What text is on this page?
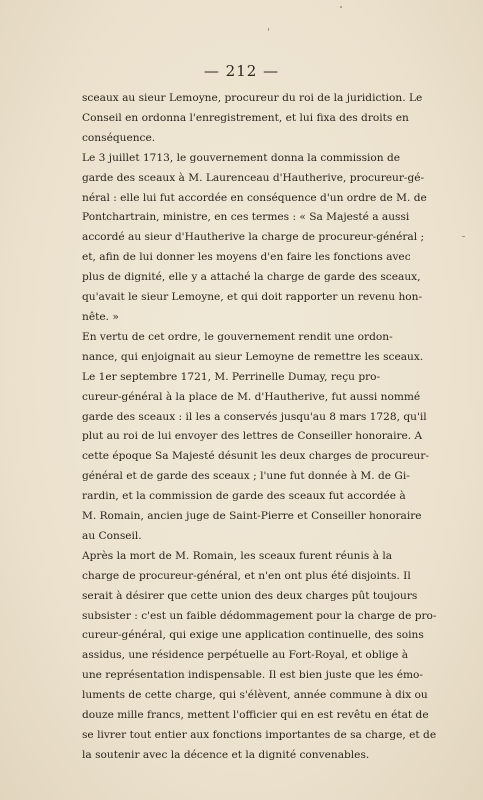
— 212 —

sceaux au sieur Lemoyne, procureur du roi de la juridiction. Le
Conseil en ordonna l'enregistrement, et lui fixa des droits en
conséquence.

Le 3 juillet 1713, le gouvernement donna la commission de
garde des sceaux à M. Laurenceau d'Hautherive, procureur-gé-
néral : elle lui fut accordée en conséquence d'un ordre de M. de
Pontchartrain, ministre, en ces termes : « Sa Majesté a aussi
accordé au sieur d'Hautherive la charge de procureur-général ;
et, afin de lui donner les moyens d'en faire les fonctions avec
plus de dignité, elle y a attaché la charge de garde des sceaux,
qu'avait le sieur Lemoyne, et qui doit rapporter un revenu hon-
nête. »

En vertu de cet ordre, le gouvernement rendit une ordon-
nance, qui enjoignait au sieur Lemoyne de remettre les sceaux.

Le 1er septembre 1721, M. Perrinelle Dumay, reçu pro-
cureur-général à la place de M. d'Hautherive, fut aussi nommé
garde des sceaux : il les a conservés jusqu'au 8 mars 1728, qu'il
plut au roi de lui envoyer des lettres de Conseiller honoraire. A
cette époque Sa Majesté désunit les deux charges de procureur-
général et de garde des sceaux ; l'une fut donnée à M. de Gi-
rardin, et la commission de garde des sceaux fut accordée à
M. Romain, ancien juge de Saint-Pierre et Conseiller honoraire
au Conseil.

Après la mort de M. Romain, les sceaux furent réunis à la
charge de procureur-général, et n'en ont plus été disjoints. Il
serait à désirer que cette union des deux charges pût toujours
subsister : c'est un faible dédommagement pour la charge de pro-
cureur-général, qui exige une application continuelle, des soins
assidus, une résidence perpétuelle au Fort-Royal, et oblige à
une représentation indispensable. Il est bien juste que les émo-
luments de cette charge, qui s'élèvent, année commune à dix ou
douze mille francs, mettent l'officier qui en est revêtu en état de
se livrer tout entier aux fonctions importantes de sa charge, et de
la soutenir avec la décence et la dignité convenables.
